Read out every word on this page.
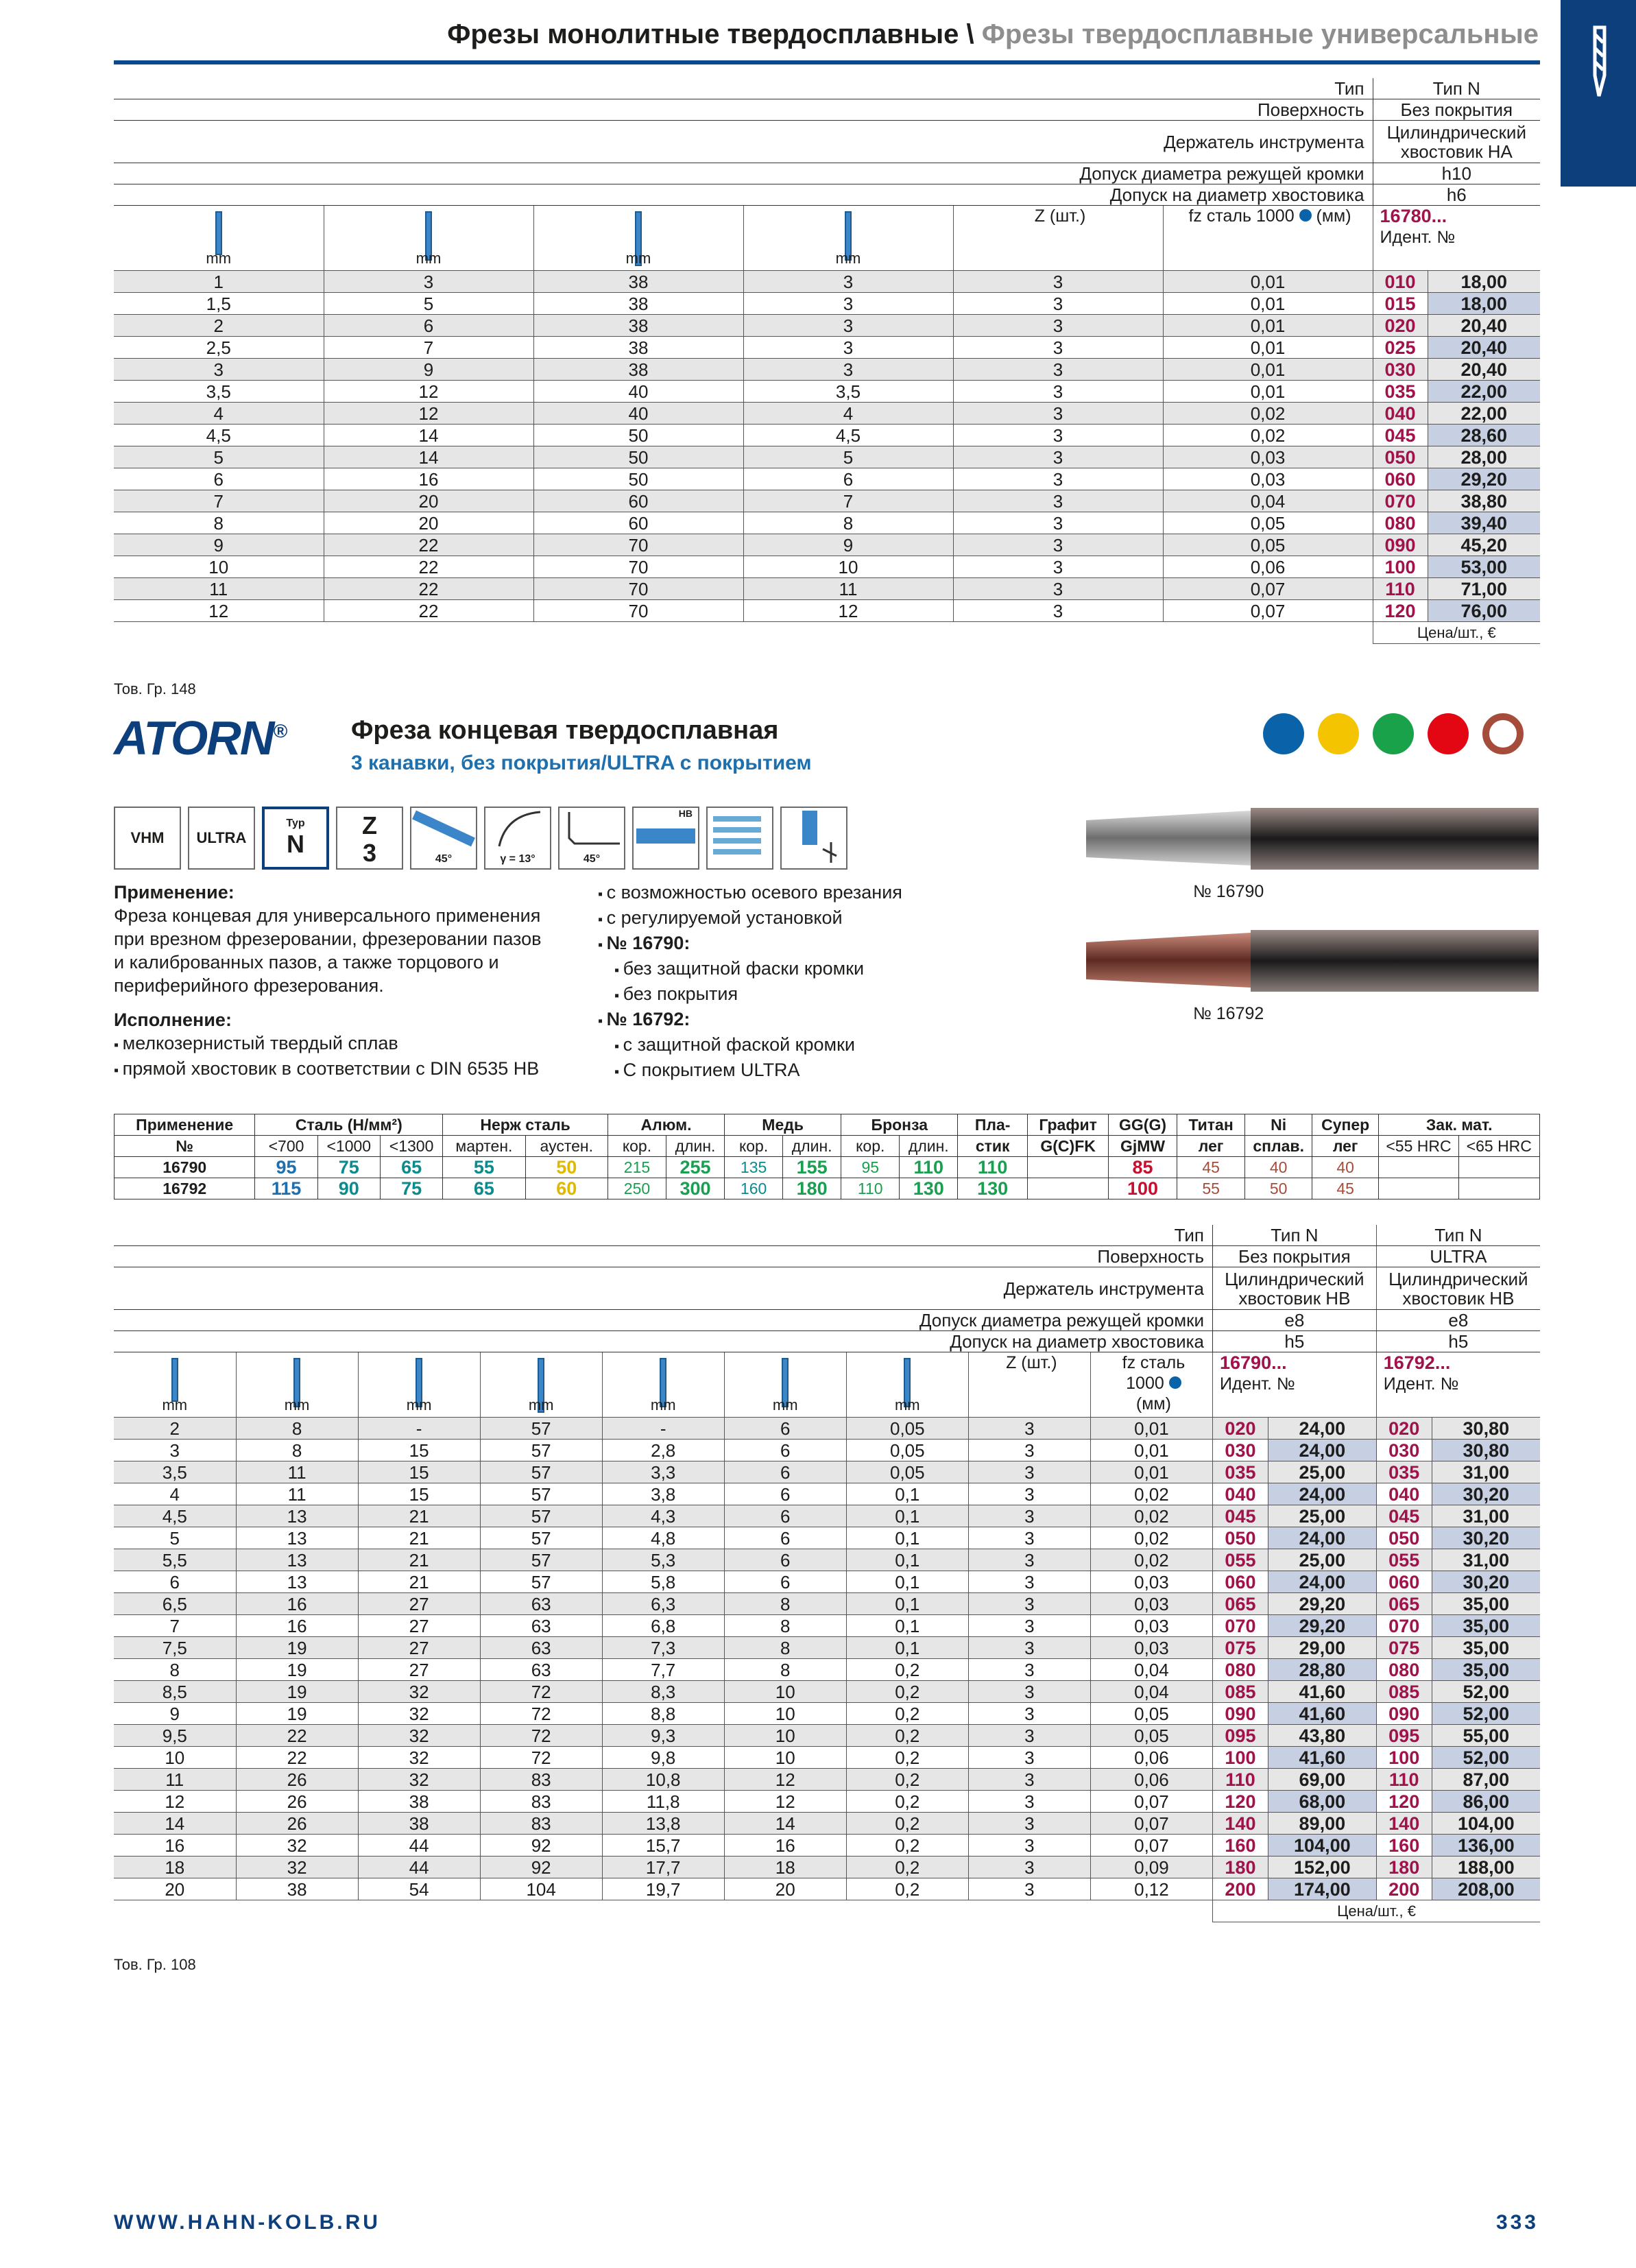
Фрезы монолитные твердосплавные \ Фрезы твердосплавные универсальные
Тип						Тип N	
Поверхность						Без покрытия	
Держатель инструмента						Цилиндрический хвостовик HA	
Допуск диаметра режущей кромки						h10	
Допуск на диаметр хвостовика						h6	

mm	mm	mm	mm	Z (шт.)	fz сталь 1000 (мм)	16780...
Идент. №	
1	3	38	3	3	0,01	010	18,00
1,5	5	38	3	3	0,01	015	18,00
2	6	38	3	3	0,01	020	20,40
2,5	7	38	3	3	0,01	025	20,40
3	9	38	3	3	0,01	030	20,40
3,5	12	40	3,5	3	0,01	035	22,00
4	12	40	4	3	0,02	040	22,00
4,5	14	50	4,5	3	0,02	045	28,60
5	14	50	5	3	0,03	050	28,00
6	16	50	6	3	0,03	060	29,20
7	20	60	7	3	0,04	070	38,80
8	20	60	8	3	0,05	080	39,40
9	22	70	9	3	0,05	090	45,20
10	22	70	10	3	0,06	100	53,00
11	22	70	11	3	0,07	110	71,00
12	22	70	12	3	0,07	120	76,00
						Цена/шт., €	
Тов. Гр. 148
ATORN® Фреза концевая твердосплавная
3 канавки, без покрытия/ULTRA с покрытием
VHM	ULTRA
Typ
N
Z
3	45°	γ = 13°	45°
HB
№ 16790
№ 16792
Применение:
Фреза концевая для универсального применения
при врезном фрезеровании, фрезеровании пазов
и калиброванных пазов, а также торцового и
периферийного фрезерования.
Исполнение:
▪ мелкозернистый твердый сплав
▪ прямой хвостовик в соответствии с DIN 6535 HB
▪ с возможностью осевого врезания
▪ с регулируемой установкой
▪ № 16790:
▪ без защитной фаски кромки
▪ без покрытия
▪ № 16792:
▪ с защитной фаской кромки
▪ С покрытием ULTRA
Применение	Сталь (Н/мм²)			Нерж сталь		Алюм.		Медь		Бронза		Пла-	Графит	GG(G)	Титан	Ni	Супер	Зак. мат.	
№	<700	<1000	<1300	мартен.	аустен.	кор.	длин.	кор.	длин.	кор.	длин.	стик	G(C)FK	GjMW	лег	сплав.	лег	<55 HRC	<65 HRC
16790	95	75	65	55	50	215	255	135	155	95	110	110		85	45	40	40		
16792	115	90	75	65	60	250	300	160	180	110	130	130		100	55	50	45		
Тип									Тип N		Тип N	
Поверхность									Без покрытия		ULTRA	
Держатель инструмента									Цилиндрический хвостовик HB		Цилиндрический хвостовик HB	
Допуск диаметра режущей кромки									e8		e8	
Допуск на диаметр хвостовика									h5		h5	

mm	mm	mm	mm	mm	mm	mm	Z (шт.)	fz сталь
1000
(мм)	16790...
Идент. №		16792...
Идент. №	
2	8	-	57	-	6	0,05	3	0,01	020	24,00	020	30,80
3	8	15	57	2,8	6	0,05	3	0,01	030	24,00	030	30,80
3,5	11	15	57	3,3	6	0,05	3	0,01	035	25,00	035	31,00
4	11	15	57	3,8	6	0,1	3	0,02	040	24,00	040	30,20
4,5	13	21	57	4,3	6	0,1	3	0,02	045	25,00	045	31,00
5	13	21	57	4,8	6	0,1	3	0,02	050	24,00	050	30,20
5,5	13	21	57	5,3	6	0,1	3	0,02	055	25,00	055	31,00
6	13	21	57	5,8	6	0,1	3	0,03	060	24,00	060	30,20
6,5	16	27	63	6,3	8	0,1	3	0,03	065	29,20	065	35,00
7	16	27	63	6,8	8	0,1	3	0,03	070	29,20	070	35,00
7,5	19	27	63	7,3	8	0,1	3	0,03	075	29,00	075	35,00
8	19	27	63	7,7	8	0,2	3	0,04	080	28,80	080	35,00
8,5	19	32	72	8,3	10	0,2	3	0,04	085	41,60	085	52,00
9	19	32	72	8,8	10	0,2	3	0,05	090	41,60	090	52,00
9,5	22	32	72	9,3	10	0,2	3	0,05	095	43,80	095	55,00
10	22	32	72	9,8	10	0,2	3	0,06	100	41,60	100	52,00
11	26	32	83	10,8	12	0,2	3	0,06	110	69,00	110	87,00
12	26	38	83	11,8	12	0,2	3	0,07	120	68,00	120	86,00
14	26	38	83	13,8	14	0,2	3	0,07	140	89,00	140	104,00
16	32	44	92	15,7	16	0,2	3	0,07	160	104,00	160	136,00
18	32	44	92	17,7	18	0,2	3	0,09	180	152,00	180	188,00
20	38	54	104	19,7	20	0,2	3	0,12	200	174,00	200	208,00
									Цена/шт., €			
Тов. Гр. 108
WWW.HAHN-KOLB.RU	333
